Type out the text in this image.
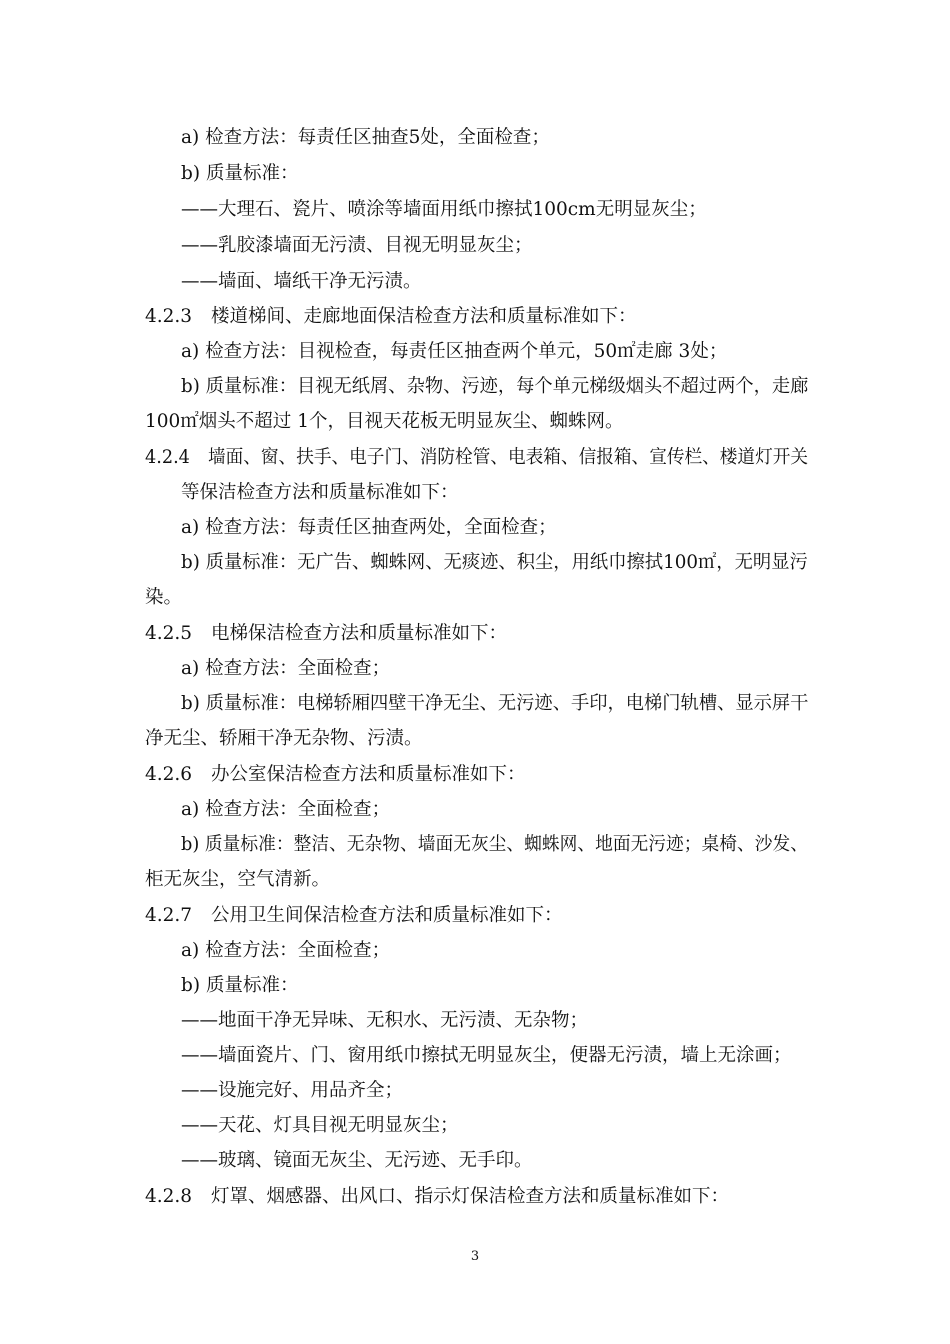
a) 检查方法：每责任区抽查5处，全面检查；
b) 质量标准：
——大理石、瓷片、喷涂等墙面用纸巾擦拭100cm无明显灰尘；
——乳胶漆墙面无污渍、目视无明显灰尘；
——墙面、墙纸干净无污渍。
4.2.3 楼道梯间、走廊地面保洁检查方法和质量标准如下：
a) 检查方法：目视检查，每责任区抽查两个单元，50㎡走廊 3处；
b) 质量标准：目视无纸屑、杂物、污迹，每个单元梯级烟头不超过两个，走廊
100㎡烟头不超过 1个，目视天花板无明显灰尘、蜘蛛网。
4.2.4 墙面、窗、扶手、电子门、消防栓管、电表箱、信报箱、宣传栏、楼道灯开关
等保洁检查方法和质量标准如下：
a) 检查方法：每责任区抽查两处，全面检查；
b) 质量标准：无广告、蜘蛛网、无痰迹、积尘，用纸巾擦拭100㎡，无明显污
染。
4.2.5 电梯保洁检查方法和质量标准如下：
a) 检查方法：全面检查；
b) 质量标准：电梯轿厢四壁干净无尘、无污迹、手印，电梯门轨槽、显示屏干
净无尘、轿厢干净无杂物、污渍。
4.2.6 办公室保洁检查方法和质量标准如下：
a) 检查方法：全面检查；
b) 质量标准：整洁、无杂物、墙面无灰尘、蜘蛛网、地面无污迹；桌椅、沙发、
柜无灰尘，空气清新。
4.2.7 公用卫生间保洁检查方法和质量标准如下：
a) 检查方法：全面检查；
b) 质量标准：
——地面干净无异味、无积水、无污渍、无杂物；
——墙面瓷片、门、窗用纸巾擦拭无明显灰尘，便器无污渍，墙上无涂画；
——设施完好、用品齐全；
——天花、灯具目视无明显灰尘；
——玻璃、镜面无灰尘、无污迹、无手印。
4.2.8 灯罩、烟感器、出风口、指示灯保洁检查方法和质量标准如下：
3
